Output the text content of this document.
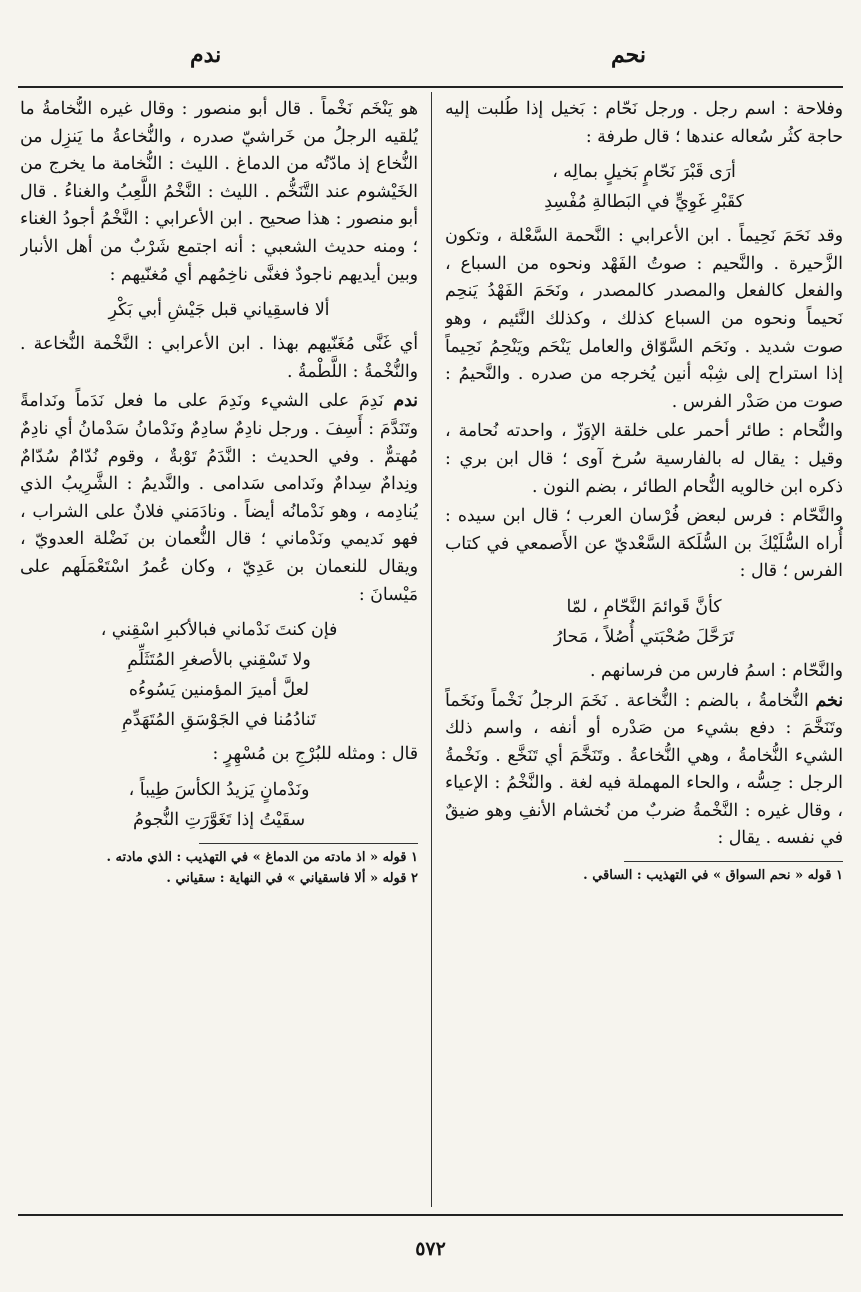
نحم
ندم

وفلاحة : اسم رجل . ورجل نَحّام : بَخيل إذا طُلبت إليه حاجة كثُر سُعاله عندها ؛ قال طرفة :

أرَى قَبْرَ نَحّامٍ بَخيلٍ بمالِه ،
كقَبْرِ غَوِيٍّ في البَطالةِ مُفْسِدِ

وقد نَحَمَ نَحِيماً . ابن الأعرابي : النَّحمة السَّعْلة ، وتكون الزَّحيرة . والنَّحيم : صوتُ الفَهْد ونحوه من السباع ، والفعل كالفعل والمصدر كالمصدر ، ونَحَمَ الفَهْدُ يَنحِم نَحيماً ونحوه من السباع كذلك ، وكذلك النَّئيم ، وهو صوت شديد . ونَحَم السَّوّاق والعامل يَنْحَم ويَنْحِمُ نَحِيماً إذا استراح إلى شِبْه أنين يُخرجه من صدره . والنَّحيمُ : صوت من صَدْر الفرس .

والنُّحام : طائر أحمر على خلقة الإوَزّ ، واحدته نُحامة ، وقيل : يقال له بالفارسية سُرخ آوى ؛ قال ابن بري : ذكره ابن خالويه النُّحام الطائر ، بضم النون .

والنَّحّام : فرس لبعض فُرْسان العرب ؛ قال ابن سيده : أُراه السُّلَيْكَ بن السُّلَكة السَّعْديّ عن الأَصمعي في كتاب الفرس ؛ قال :

كأنَّ قَوائمَ النَّحّامِ ، لمّا
تَرَحَّلَ صُحْبَتي أُصُلاً ، مَحارُ

والنَّحّام : اسمُ فارس من فرسانهم .

نخم النُّخامةُ ، بالضم : النُّخاعة . نَخَمَ الرجلُ نَخْماً ونَخَماً وتَنَخَّمَ : دفع بشيء من صَدْره أو أنفه ، واسم ذلك الشيء النُّخامةُ ، وهي النُّخاعةُ . وتَنَخَّمَ أي تَنَخَّع . ونَخْمةُ الرجل : حِسُّه ، والحاء المهملة فيه لغة . والنَّخْمُ : الإعياء ، وقال غيره : النَّخْمةُ ضربٌ من نُخشام الأنفِ وهو ضيقٌ في نفسه . يقال :

١ قوله « نحم السواق » في التهذيب : الساقي .

هو يَنْخَم نَخْماً . قال أبو منصور : وقال غيره النُّخامةُ ما يُلقيه الرجلُ من خَراشيّ صدره ، والنُّخاعةُ ما يَنزِل من النُّخاع إذ مادّتُه من الدماغ . الليث : النُّخامة ما يخرج من الخَيْشوم عند التَّنَخُّم . الليث : النَّخْمُ اللَّعِبُ والغناءُ . قال أبو منصور : هذا صحيح . ابن الأعرابي : النَّخْمُ أجودُ الغناء ؛ ومنه حديث الشعبي : أنه اجتمع شَرْبٌ من أهل الأنبار وبين أيديهم ناجودٌ فغنَّى ناخِمُهم أي مُغنّيهم :

ألا فاسقِياني قبل جَيْشِ أبي بَكْرِ

أي غَنَّى مُغَنّيهم بهذا . ابن الأعرابي : النَّخْمة النُّخاعة . والنُّخْمةُ : اللَّطْمةُ .

ندم نَدِمَ على الشيء ونَدِمَ على ما فعل نَدَماً ونَدامةً وتَنَدَّمَ : أَسِفَ . ورجل نادِمٌ سادِمٌ ونَدْمانُ سَدْمانُ أي نادِمٌ مُهتمٌّ . وفي الحديث : النَّدَمُ تَوْبةٌ ، وقوم نُدّامٌ سُدّامٌ ونِدامٌ سِدامٌ ونَدامى سَدامى . والنَّديمُ : الشَّرِيبُ الذي يُنادِمه ، وهو نَدْمانُه أيضاً . ونادَمَني فلانٌ على الشراب ، فهو نَديمي ونَدْماني ؛ قال النُّعمان بن نَضْلة العدويّ ، ويقال للنعمان بن عَدِيّ ، وكان عُمرُ اسْتَعْمَلَهم على مَيْسانَ :

فإن كنتَ نَدْماني فبالأكبرِ اسْقِني ،
ولا تَسْقِني بالأصغرِ المُتَثَلِّمِ
لعلَّ أميرَ المؤمنين يَسُوءُه
تَنادُمُنا في الجَوْسَقِ المُتَهَدِّمِ

قال : ومثله للبُرْجِ بن مُسْهِرٍ :

ونَدْمانٍ يَزيدُ الكأسَ طِيباً ،
سقَيْتُ إذا تَغَوَّرَتِ النُّجومُ
١ قوله « اذ مادته من الدماغ » في التهذيب : الذي مادته .
٢ قوله « ألا فاسقياني » في النهاية : سقياني .
٥٧٢
